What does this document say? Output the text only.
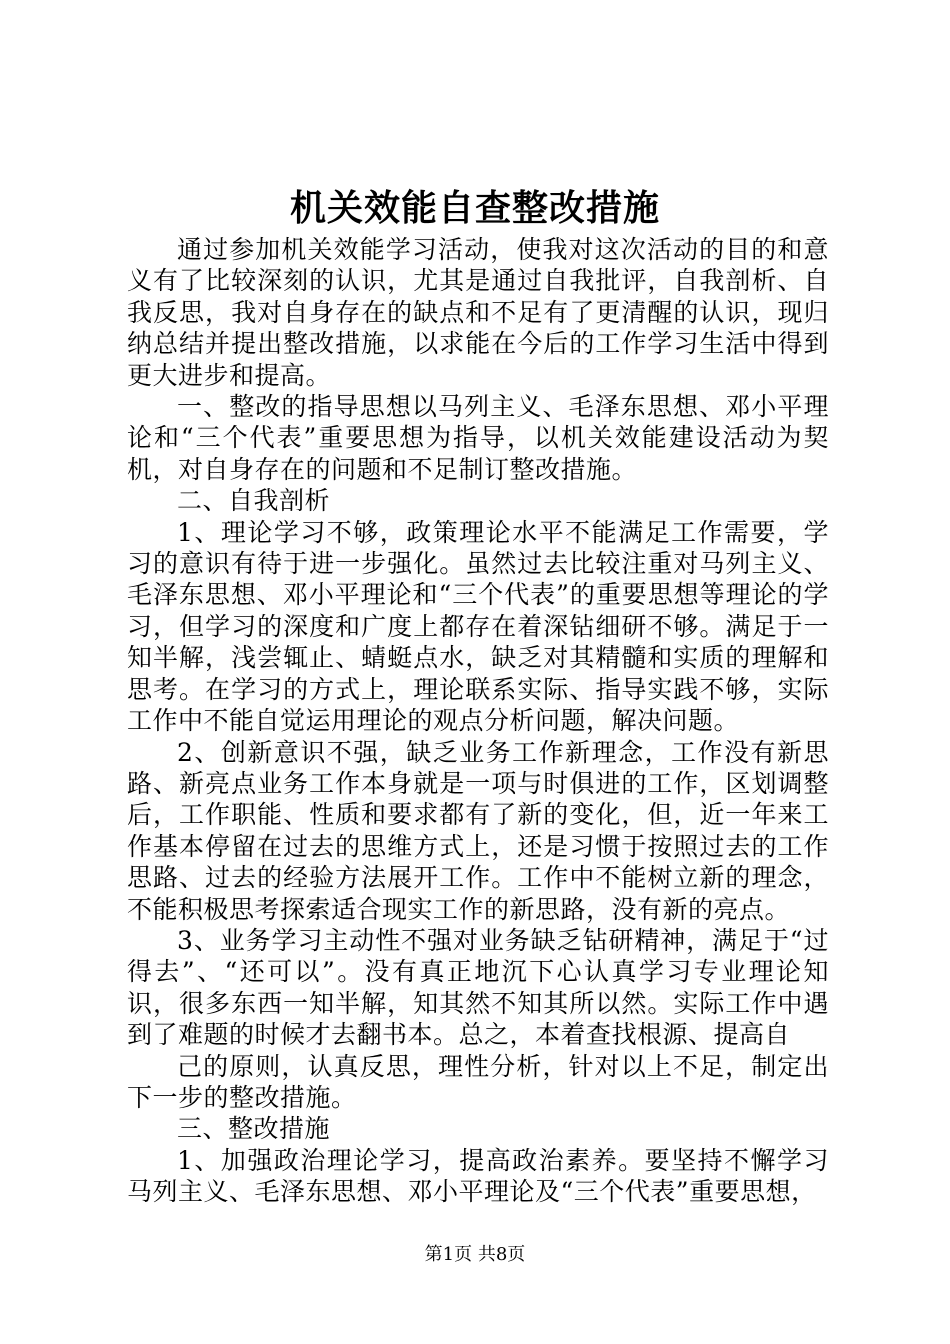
机关效能自查整改措施

通过参加机关效能学习活动，使我对这次活动的目的和意义有了比较深刻的认识，尤其是通过自我批评，自我剖析、自我反思，我对自身存在的缺点和不足有了更清醒的认识，现归纳总结并提出整改措施，以求能在今后的工作学习生活中得到更大进步和提高。

一、整改的指导思想以马列主义、毛泽东思想、邓小平理论和“三个代表”重要思想为指导，以机关效能建设活动为契机，对自身存在的问题和不足制订整改措施。

二、自我剖析

1、理论学习不够，政策理论水平不能满足工作需要，学习的意识有待于进一步强化。虽然过去比较注重对马列主义、毛泽东思想、邓小平理论和“三个代表”的重要思想等理论的学习，但学习的深度和广度上都存在着深钻细研不够。满足于一知半解，浅尝辄止、蜻蜓点水，缺乏对其精髓和实质的理解和思考。在学习的方式上，理论联系实际、指导实践不够，实际工作中不能自觉运用理论的观点分析问题，解决问题。

2、创新意识不强，缺乏业务工作新理念，工作没有新思路、新亮点业务工作本身就是一项与时俱进的工作，区划调整后，工作职能、性质和要求都有了新的变化，但，近一年来工作基本停留在过去的思维方式上，还是习惯于按照过去的工作思路、过去的经验方法展开工作。工作中不能树立新的理念，不能积极思考探索适合现实工作的新思路，没有新的亮点。

3、业务学习主动性不强对业务缺乏钻研精神，满足于“过得去”、“还可以”。没有真正地沉下心认真学习专业理论知识，很多东西一知半解，知其然不知其所以然。实际工作中遇到了难题的时候才去翻书本。总之，本着查找根源、提高自

己的原则，认真反思，理性分析，针对以上不足，制定出下一步的整改措施。

三、整改措施

1、加强政治理论学习，提高政治素养。要坚持不懈学习马列主义、毛泽东思想、邓小平理论及“三个代表”重要思想，

第1页 共8页
